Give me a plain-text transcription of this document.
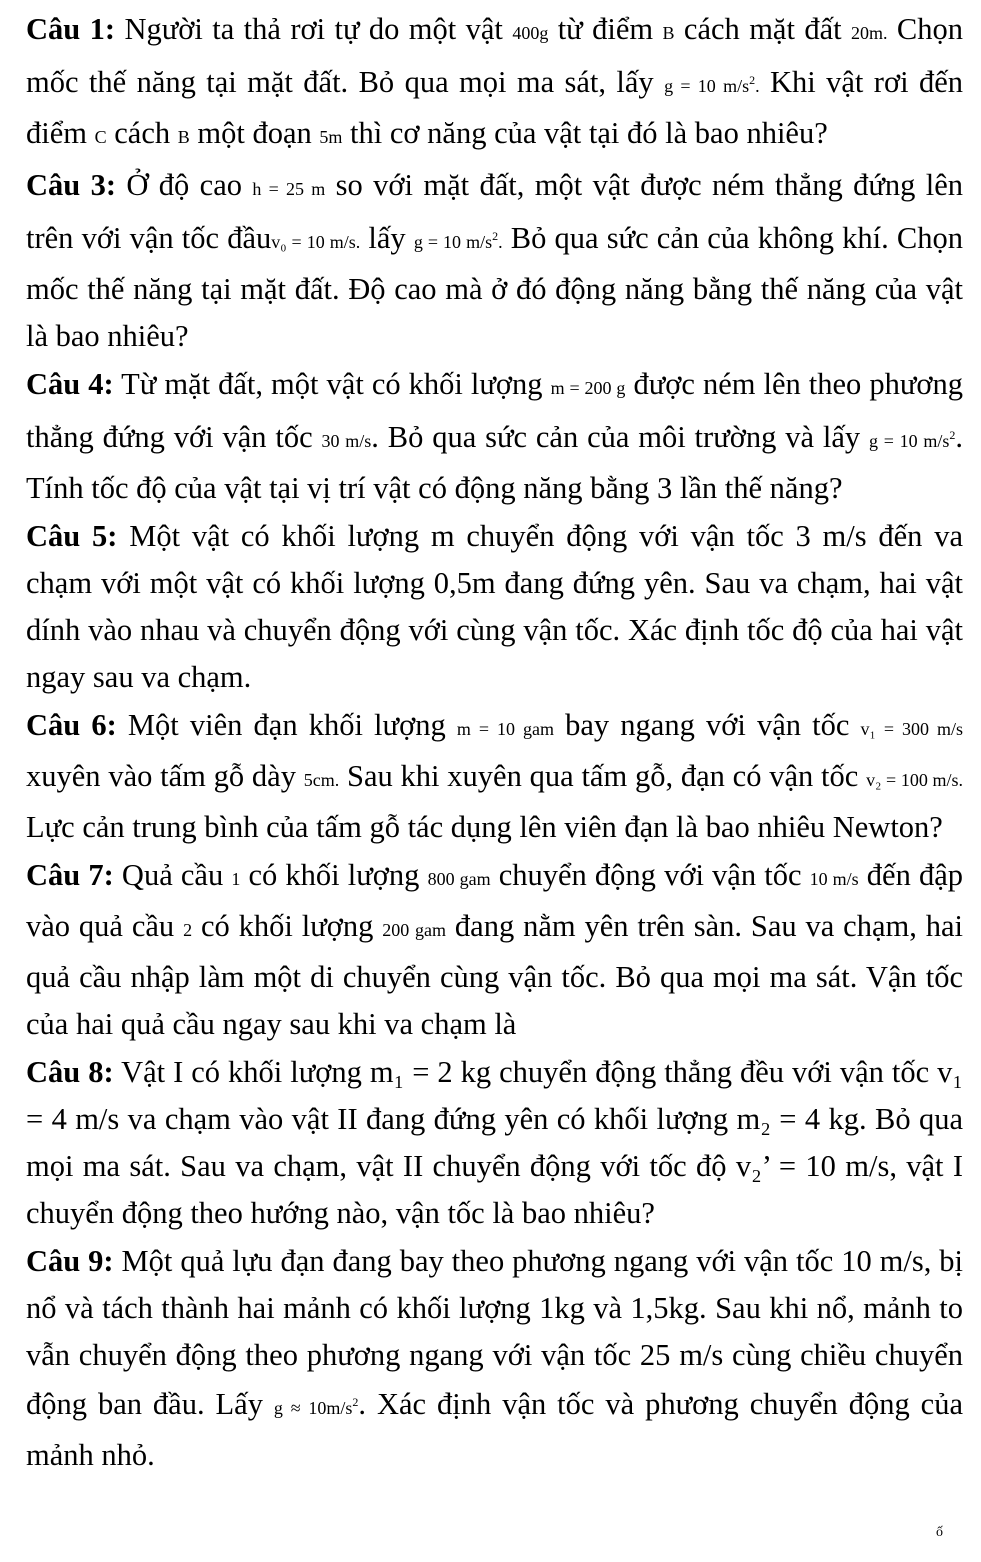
Câu 1: Người ta thả rơi tự do một vật 400g từ điểm B cách mặt đất 20m. Chọn mốc thế năng tại mặt đất. Bỏ qua mọi ma sát, lấy g = 10 $m/s^2$. Khi vật rơi đến điểm C cách B một đoạn 5m thì cơ năng của vật tại đó là bao nhiêu?

Câu 3: Ở độ cao h = 25 m so với mặt đất, một vật được ném thẳng đứng lên trên với vận tốc đầuv₀ = 10 m/s. lấy g = 10 $m/s^2$. Bỏ qua sức cản của không khí. Chọn mốc thế năng tại mặt đất. Độ cao mà ở đó động năng bằng thế năng của vật là bao nhiêu?

Câu 4: Từ mặt đất, một vật có khối lượng m = 200 g được ném lên theo phương thẳng đứng với vận tốc 30 m/s. Bỏ qua sức cản của môi trường và lấy g = 10 $m/s^2$. Tính tốc độ của vật tại vị trí vật có động năng bằng 3 lần thế năng?

Câu 5: Một vật có khối lượng m chuyển động với vận tốc 3 m/s đến va chạm với một vật có khối lượng 0,5m đang đứng yên. Sau va chạm, hai vật dính vào nhau và chuyển động với cùng vận tốc. Xác định tốc độ của hai vật ngay sau va chạm.

Câu 6: Một viên đạn khối lượng m = 10 gam bay ngang với vận tốc v₁ = 300 m/s xuyên vào tấm gỗ dày 5cm. Sau khi xuyên qua tấm gỗ, đạn có vận tốc v₂ = 100 m/s. Lực cản trung bình của tấm gỗ tác dụng lên viên đạn là bao nhiêu Newton?

Câu 7: Quả cầu 1 có khối lượng 800 gam chuyển động với vận tốc 10 m/s đến đập vào quả cầu 2 có khối lượng 200 gam đang nằm yên trên sàn. Sau va chạm, hai quả cầu nhập làm một di chuyển cùng vận tốc. Bỏ qua mọi ma sát. Vận tốc của hai quả cầu ngay sau khi va chạm là

Câu 8: Vật I có khối lượng m₁ = 2 kg chuyển động thẳng đều với vận tốc v₁ = 4 m/s va chạm vào vật II đang đứng yên có khối lượng m₂ = 4 kg. Bỏ qua mọi ma sát. Sau va chạm, vật II chuyển động với tốc độ v₂’ = 10 m/s, vật I chuyển động theo hướng nào, vận tốc là bao nhiêu?

Câu 9: Một quả lựu đạn đang bay theo phương ngang với vận tốc 10 m/s, bị nổ và tách thành hai mảnh có khối lượng 1kg và 1,5kg. Sau khi nổ, mảnh to vẫn chuyển động theo phương ngang với vận tốc 25 m/s cùng chiều chuyển động ban đầu. Lấy $g \approx 10m/s^2$. Xác định vận tốc và phương chuyển động của mảnh nhỏ.

ố
